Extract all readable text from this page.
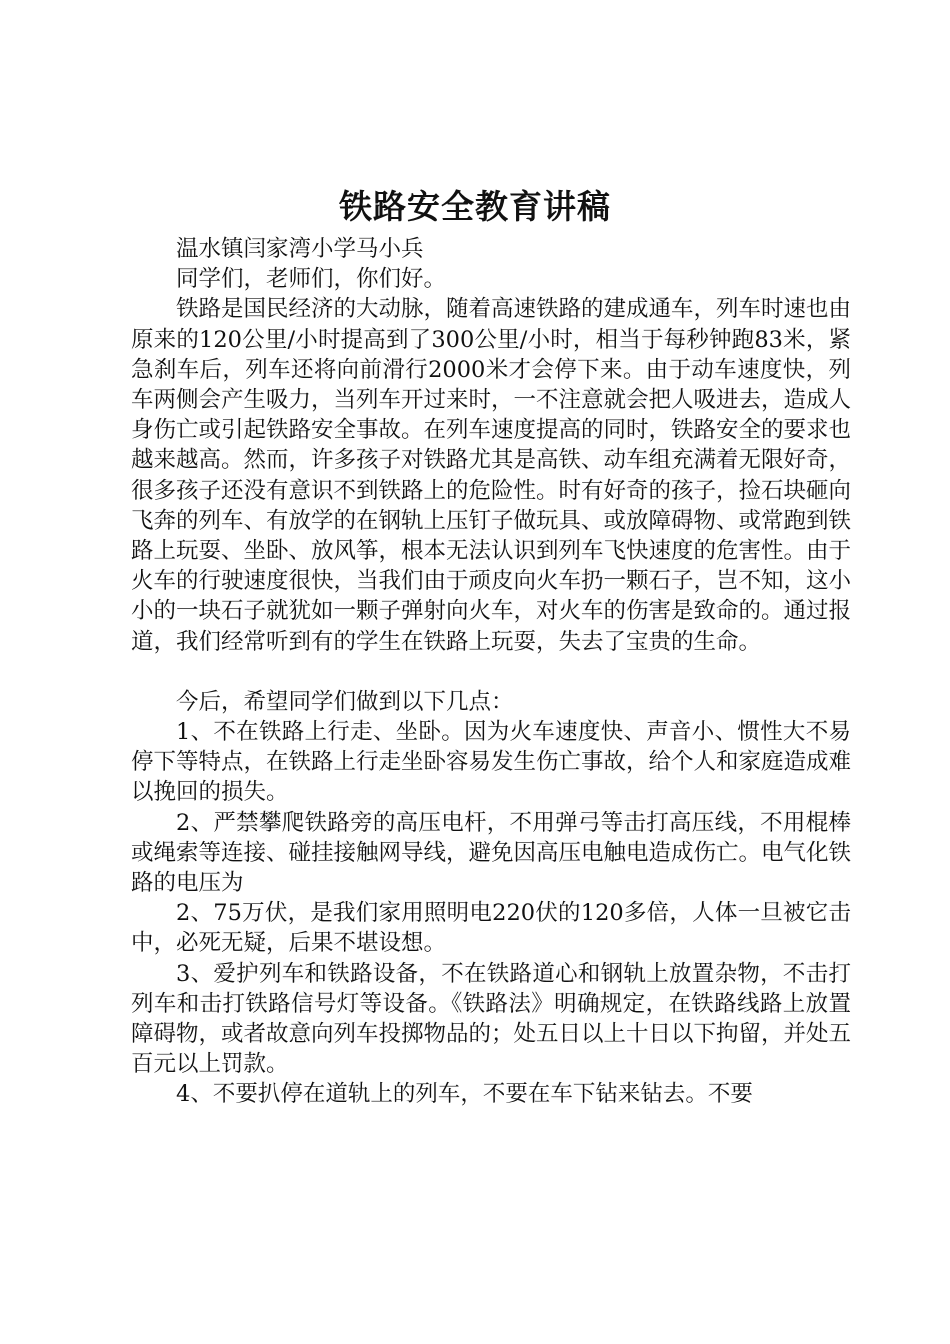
铁路安全教育讲稿

温水镇闫家湾小学马小兵

同学们，老师们，你们好。

铁路是国民经济的大动脉，随着高速铁路的建成通车，列车时速也由原来的120公里/小时提高到了300公里/小时，相当于每秒钟跑83米，紧急刹车后，列车还将向前滑行2000米才会停下来。由于动车速度快，列车两侧会产生吸力，当列车开过来时，一不注意就会把人吸进去，造成人身伤亡或引起铁路安全事故。在列车速度提高的同时，铁路安全的要求也越来越高。然而，许多孩子对铁路尤其是高铁、动车组充满着无限好奇，很多孩子还没有意识不到铁路上的危险性。时有好奇的孩子，捡石块砸向飞奔的列车、有放学的在钢轨上压钉子做玩具、或放障碍物、或常跑到铁路上玩耍、坐卧、放风筝，根本无法认识到列车飞快速度的危害性。由于火车的行驶速度很快，当我们由于顽皮向火车扔一颗石子，岂不知，这小小的一块石子就犹如一颗子弹射向火车，对火车的伤害是致命的。通过报道，我们经常听到有的学生在铁路上玩耍，失去了宝贵的生命。

今后，希望同学们做到以下几点：

1、不在铁路上行走、坐卧。因为火车速度快、声音小、惯性大不易停下等特点，在铁路上行走坐卧容易发生伤亡事故，给个人和家庭造成难以挽回的损失。

2、严禁攀爬铁路旁的高压电杆，不用弹弓等击打高压线，不用棍棒或绳索等连接、碰挂接触网导线，避免因高压电触电造成伤亡。电气化铁路的电压为

2、75万伏，是我们家用照明电220伏的120多倍，人体一旦被它击中，必死无疑，后果不堪设想。

3、爱护列车和铁路设备，不在铁路道心和钢轨上放置杂物，不击打列车和击打铁路信号灯等设备。《铁路法》明确规定，在铁路线路上放置障碍物，或者故意向列车投掷物品的；处五日以上十日以下拘留，并处五百元以上罚款。

4、不要扒停在道轨上的列车，不要在车下钻来钻去。不要
